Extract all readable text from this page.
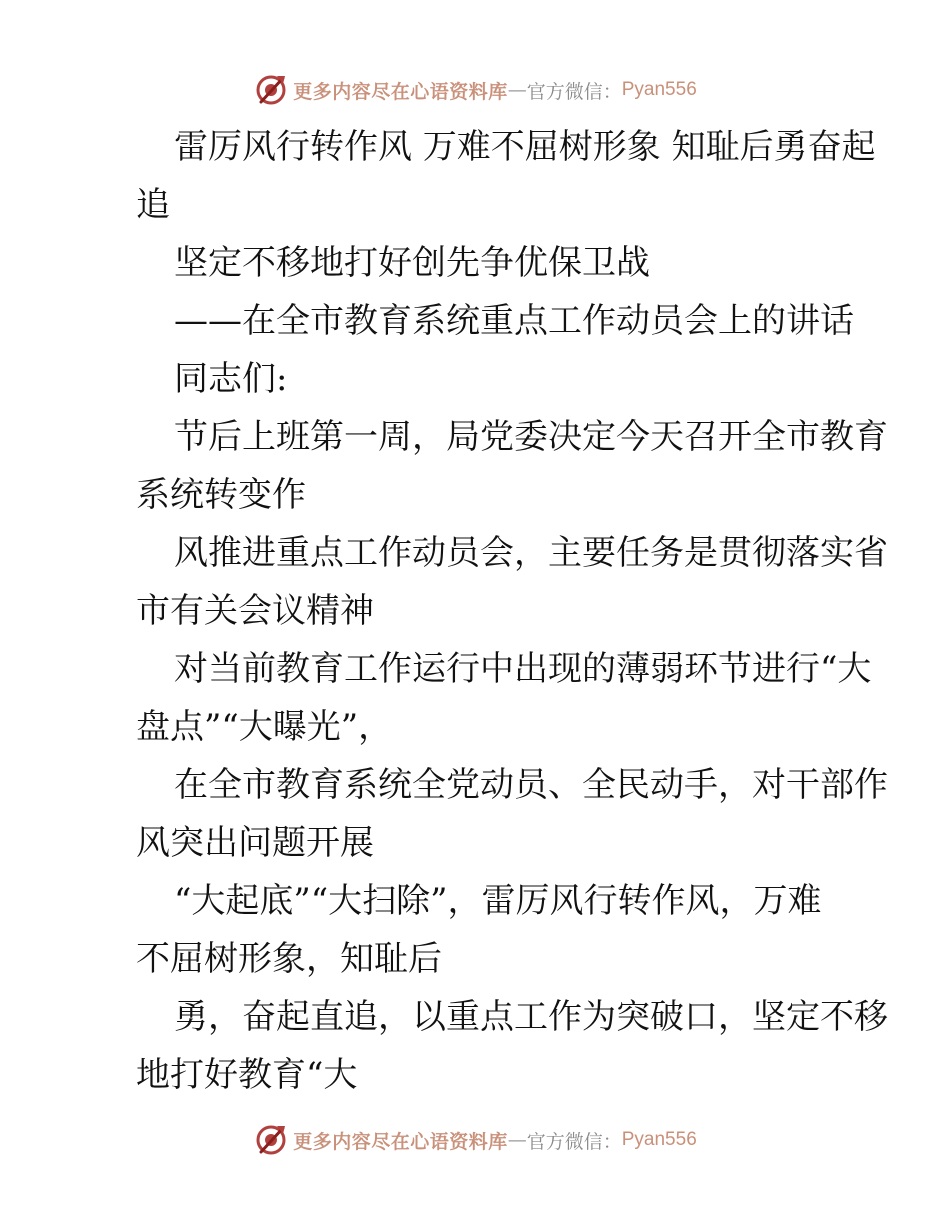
更多内容尽在心语资料库 — 官方微信： Pyan556

雷厉风行转作风 万难不屈树形象 知耻后勇奋起
追

坚定不移地打好创先争优保卫战

——在全市教育系统重点工作动员会上的讲话

同志们:

节后上班第一周，局党委决定今天召开全市教育
系统转变作

风推进重点工作动员会，主要任务是贯彻落实省
市有关会议精神

对当前教育工作运行中出现的薄弱环节进行“大
盘点”“大曝光”，

在全市教育系统全党动员、全民动手，对干部作
风突出问题开展

“大起底”“大扫除”，雷厉风行转作风，万难
不屈树形象，知耻后

勇，奋起直追，以重点工作为突破口，坚定不移
地打好教育“大

更多内容尽在心语资料库 — 官方微信： Pyan556
